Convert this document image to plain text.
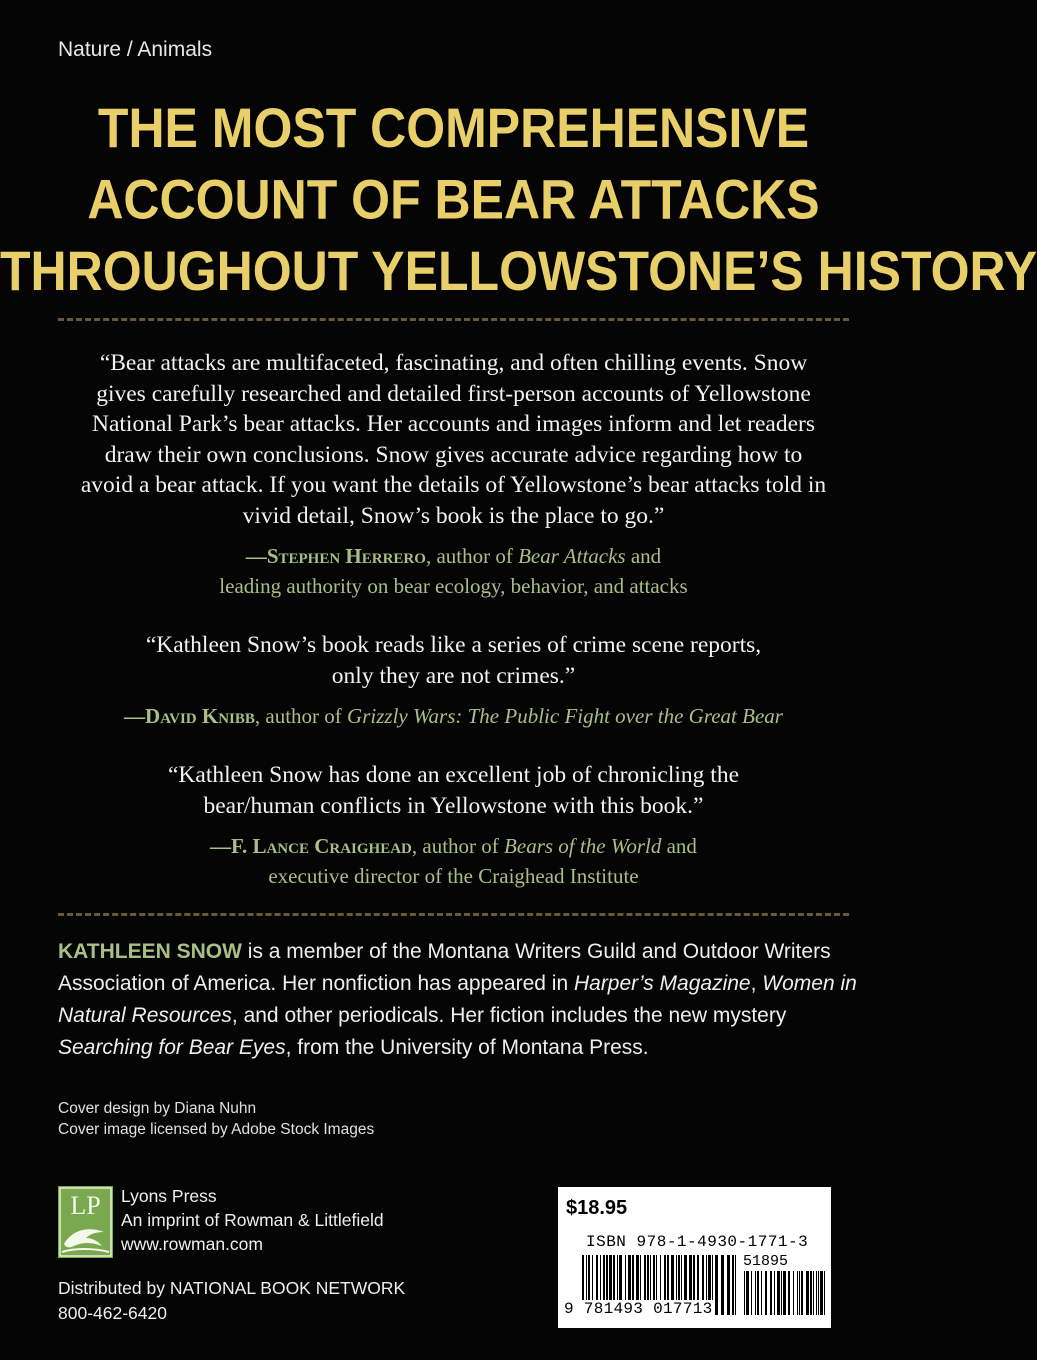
Nature / Animals
THE MOST COMPREHENSIVE
ACCOUNT OF BEAR ATTACKS
THROUGHOUT YELLOWSTONE’S HISTORY
“Bear attacks are multifaceted, fascinating, and often chilling events. Snow
gives carefully researched and detailed first-person accounts of Yellowstone
National Park’s bear attacks. Her accounts and images inform and let readers
draw their own conclusions. Snow gives accurate advice regarding how to
avoid a bear attack. If you want the details of Yellowstone’s bear attacks told in
vivid detail, Snow’s book is the place to go.”
—Stephen Herrero, author of Bear Attacks and
leading authority on bear ecology, behavior, and attacks
“Kathleen Snow’s book reads like a series of crime scene reports,
only they are not crimes.”
—David Knibb, author of Grizzly Wars: The Public Fight over the Great Bear
“Kathleen Snow has done an excellent job of chronicling the
bear/human conflicts in Yellowstone with this book.”
—F. Lance Craighead, author of Bears of the World and
executive director of the Craighead Institute
KATHLEEN SNOW is a member of the Montana Writers Guild and Outdoor Writers Association of America. Her nonfiction has appeared in Harper’s Magazine, Women in Natural Resources, and other periodicals. Her fiction includes the new mystery Searching for Bear Eyes, from the University of Montana Press.
Cover design by Diana Nuhn
Cover image licensed by Adobe Stock Images
LP Lyons Press
An imprint of Rowman & Littlefield
www.rowman.com
Distributed by NATIONAL BOOK NETWORK
800-462-6420
$18.95
ISBN 978-1-4930-1771-3
51895
9 781493 017713
